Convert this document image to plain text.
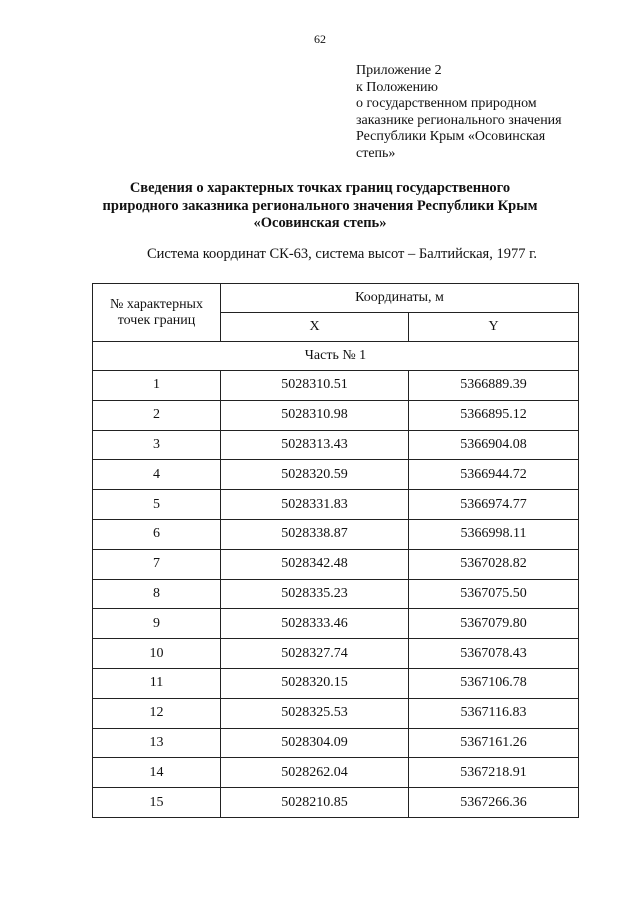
62
Приложение 2
к Положению
о государственном природном
заказнике регионального значения
Республики Крым «Осовинская
степь»
Сведения о характерных точках границ государственного
природного заказника регионального значения Республики Крым
«Осовинская степь»
Система координат СК-63, система высот – Балтийская, 1977 г.
№ характерных
точек границ	Координаты, м	
	X	Y
Часть № 1		
1	5028310.51	5366889.39
2	5028310.98	5366895.12
3	5028313.43	5366904.08
4	5028320.59	5366944.72
5	5028331.83	5366974.77
6	5028338.87	5366998.11
7	5028342.48	5367028.82
8	5028335.23	5367075.50
9	5028333.46	5367079.80
10	5028327.74	5367078.43
11	5028320.15	5367106.78
12	5028325.53	5367116.83
13	5028304.09	5367161.26
14	5028262.04	5367218.91
15	5028210.85	5367266.36
